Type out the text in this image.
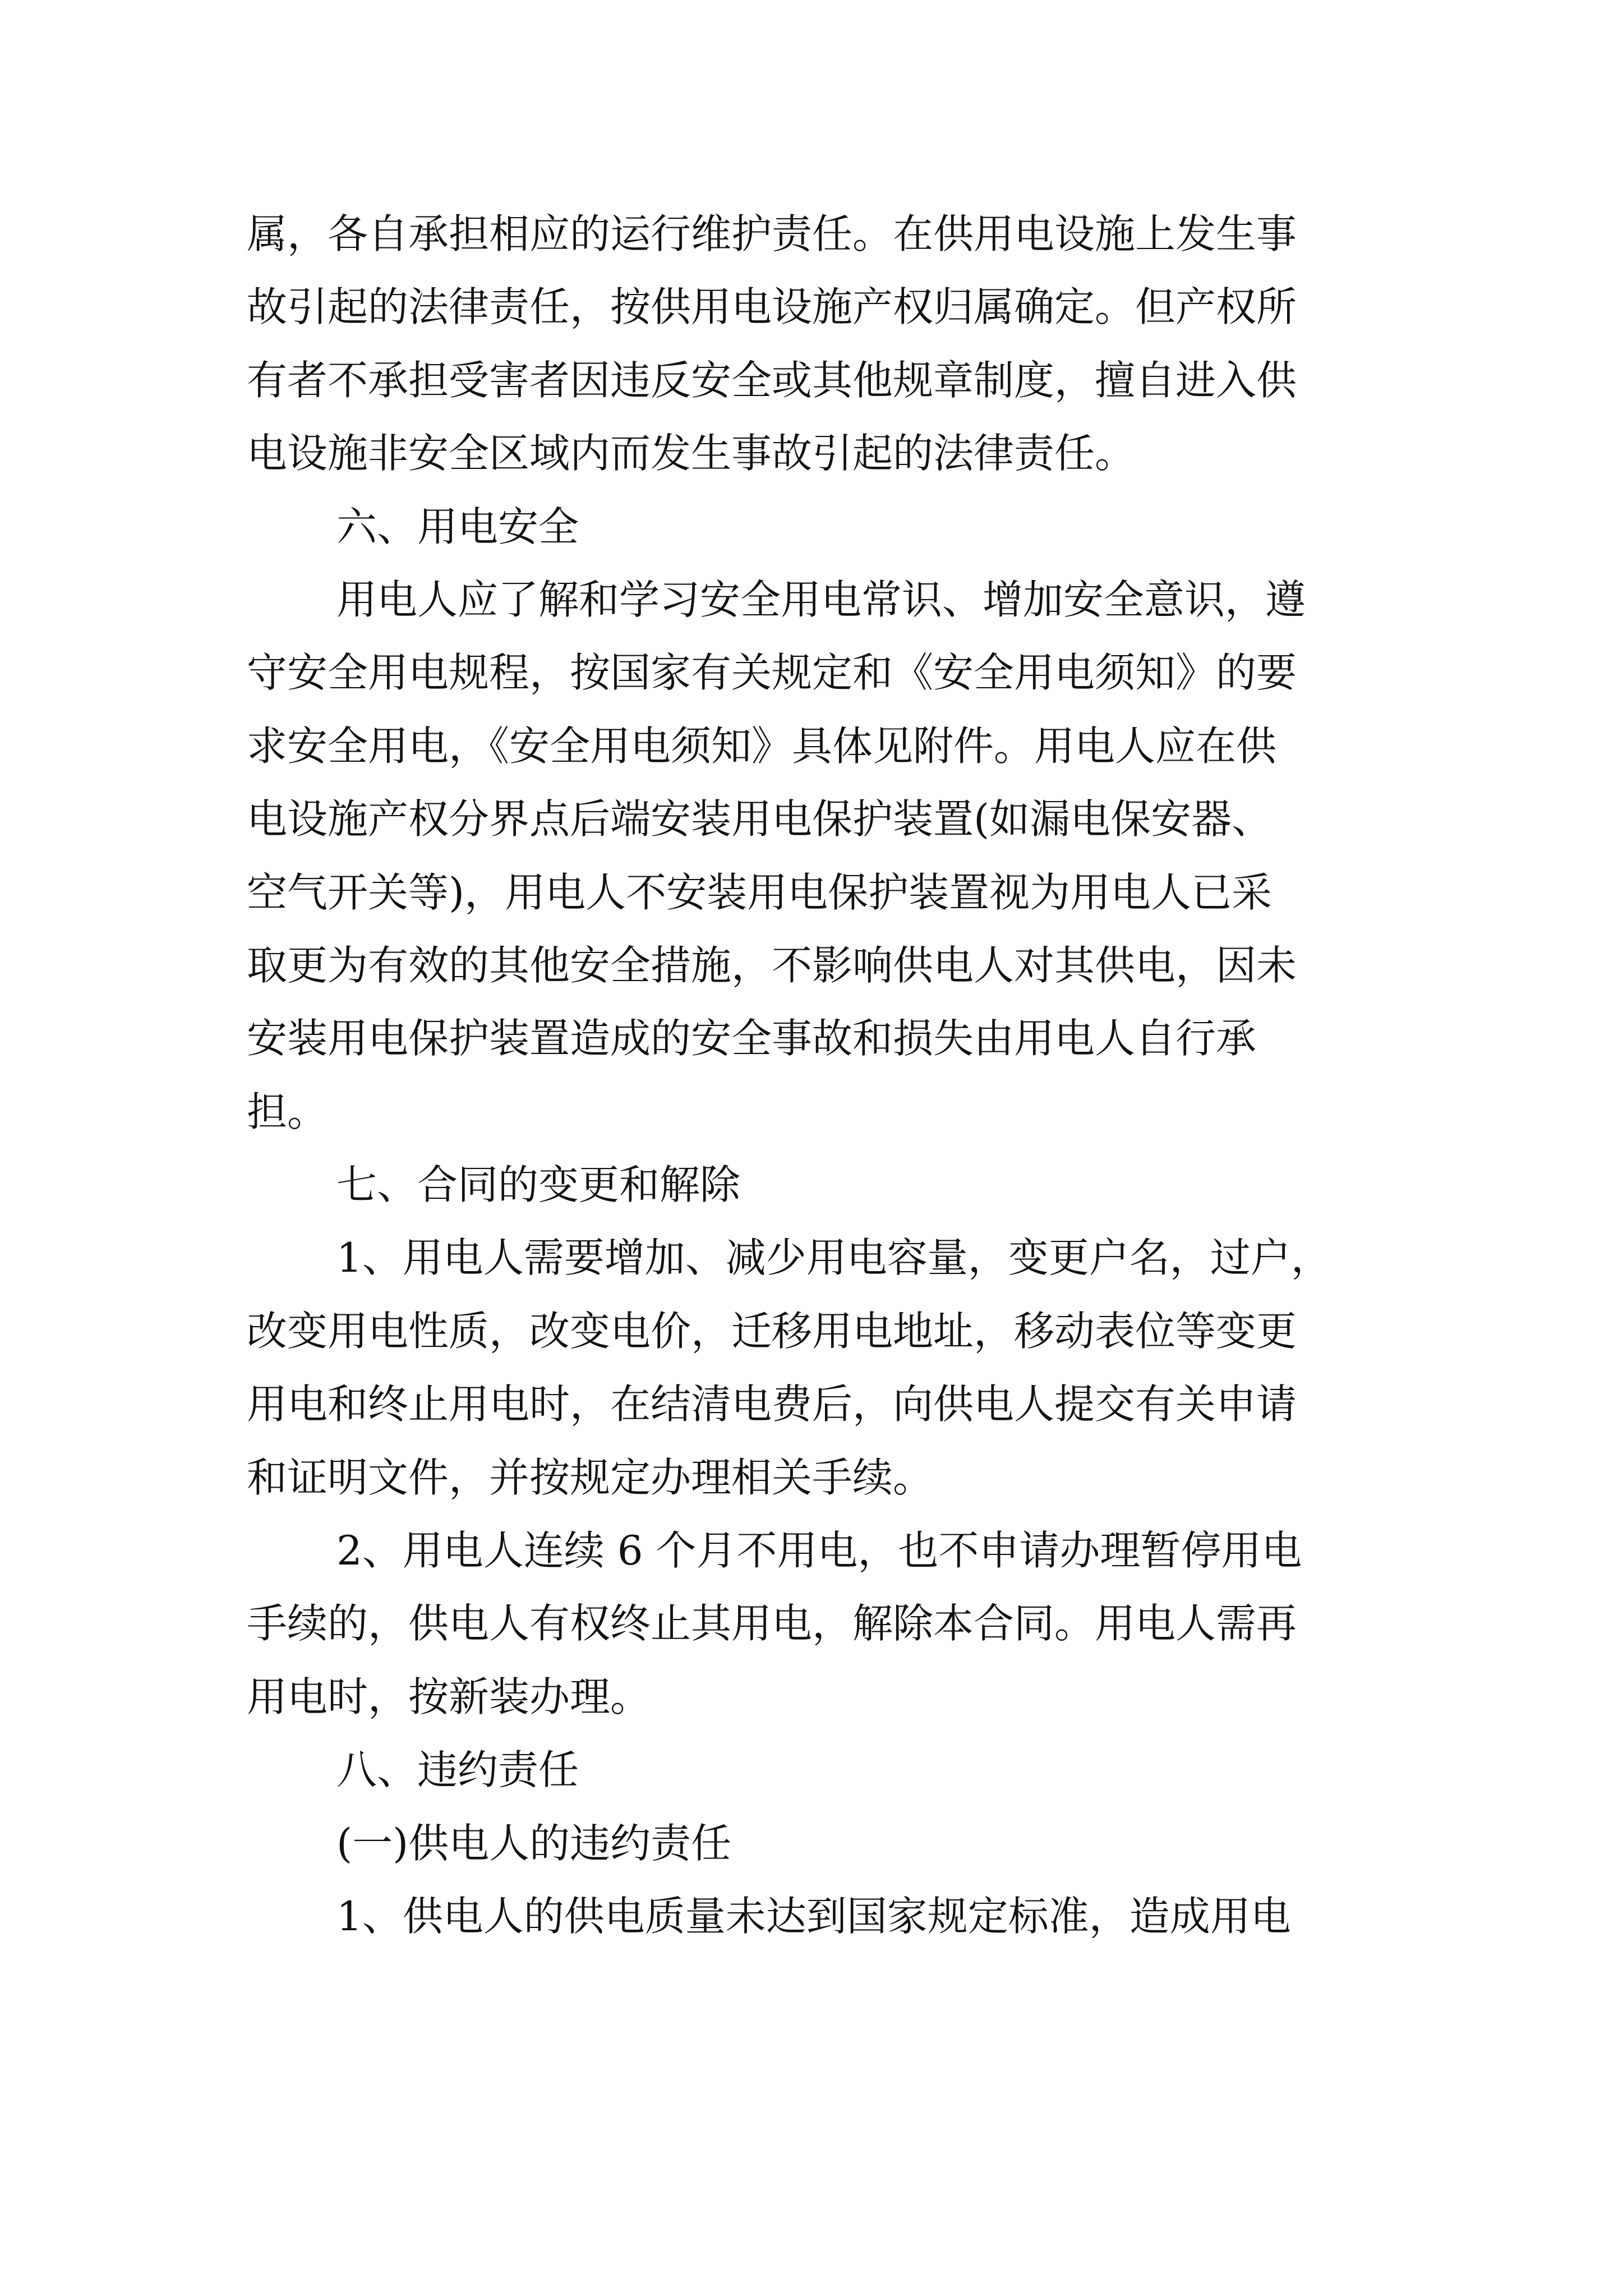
属，各自承担相应的运行维护责任。在供用电设施上发生事
故引起的法律责任，按供用电设施产权归属确定。但产权所
有者不承担受害者因违反安全或其他规章制度，擅自进入供
电设施非安全区域内而发生事故引起的法律责任。
六、用电安全
用电人应了解和学习安全用电常识、增加安全意识，遵
守安全用电规程，按国家有关规定和《安全用电须知》的要
求安全用电，《安全用电须知》具体见附件。用电人应在供
电设施产权分界点后端安装用电保护装置(如漏电保安器、
空气开关等)，用电人不安装用电保护装置视为用电人已采
取更为有效的其他安全措施，不影响供电人对其供电，因未
安装用电保护装置造成的安全事故和损失由用电人自行承
担。
七、合同的变更和解除
1、用电人需要增加、减少用电容量，变更户名，过户，
改变用电性质，改变电价，迁移用电地址，移动表位等变更
用电和终止用电时，在结清电费后，向供电人提交有关申请
和证明文件，并按规定办理相关手续。
2、用电人连续 6 个月不用电，也不申请办理暂停用电
手续的，供电人有权终止其用电，解除本合同。用电人需再
用电时，按新装办理。
八、违约责任
(一)供电人的违约责任
1、供电人的供电质量未达到国家规定标准，造成用电
